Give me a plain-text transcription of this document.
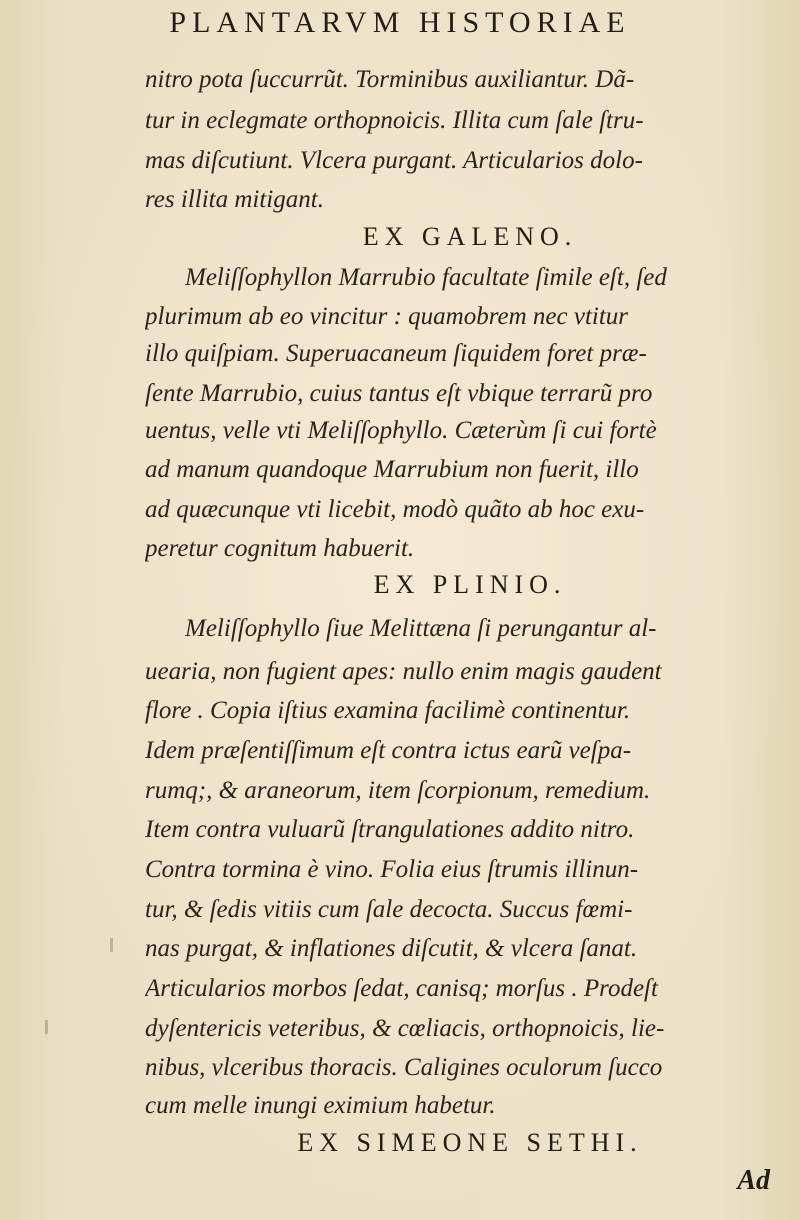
PLANTARVM HISTORIAE
nitro pota ſuccurrũt. Torminibus auxiliantur. Dã-
tur in eclegmate orthopnoicis. Illita cum ſale ſtru-
mas diſcutiunt. Vlcera purgant. Articularios dolo-
res illita mitigant.
EX GALENO.
Meliſſophyllon Marrubio facultate ſimile eſt, ſed
plurimum ab eo vincitur : quamobrem nec vtitur
illo quiſpiam. Superuacaneum ſiquidem foret præ-
ſente Marrubio, cuius tantus eſt vbique terrarũ pro
uentus, velle vti Meliſſophyllo. Cæterùm ſi cui fortè
ad manum quandoque Marrubium non fuerit, illo
ad quæcunque vti licebit, modò quãto ab hoc exu-
peretur cognitum habuerit.
EX PLINIO.
Meliſſophyllo ſiue Melittæna ſi perungantur al-
ueariа, non fugient apes: nullo enim magis gaudent
flore . Copia iſtius examina facilimè continentur.
Idem præſentiſſimum eſt contra ictus earũ veſpa-
rumq;, & araneorum, item ſcorpionum, remedium.
Item contra vuluarũ ſtrangulationes addito nitro.
Contra tormina è vino. Folia eius ſtrumis illinun-
tur, & ſedis vitiis cum ſale decocta. Succus fœmi-
nas purgat, & inflationes diſcutit, & vlcera ſanat.
Articularios morbos ſedat, canisq; morſus . Prodeſt
dyſentericis veteribus, & cœliacis, orthopnoicis, lie-
nibus, vlceribus thoracis. Caligines oculorum ſucco
cum melle inungi eximium habetur.
EX SIMEONE SETHI.
Ad
